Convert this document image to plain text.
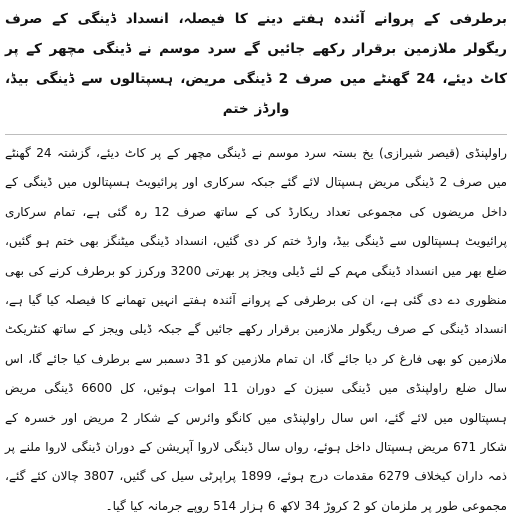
برطرفی کے پروانے آئندہ ہفتے دینے کا فیصلہ، انسداد ڈینگی کے صرف ریگولر ملازمین برقرار رکھے جائیں گے سرد موسم نے ڈینگی مچھر کے پر کاٹ دیئے، 24 گھنٹے میں صرف 2 ڈینگی مریض، ہسپتالوں سے ڈینگی بیڈ، وارڈز ختم

راولپنڈی (قیصر شیرازی) یخ بستہ سرد موسم نے ڈینگی مچھر کے پر کاٹ دیئے، گزشتہ 24 گھنٹے میں صرف 2 ڈینگی مریض ہسپتال لائے گئے جبکہ سرکاری اور پرائیویٹ ہسپتالوں میں ڈینگی کے داخل مریضوں کی مجموعی تعداد ریکارڈ کی کے ساتھ صرف 12 رہ گئی ہے، تمام سرکاری پرائیویٹ ہسپتالوں سے ڈینگی بیڈ، وارڈ ختم کر دی گئیں، انسداد ڈینگی میٹنگز بھی ختم ہو گئیں، ضلع بھر میں انسداد ڈینگی مہم کے لئے ڈیلی ویجز پر بھرتی 3200 ورکرز کو برطرف کرنے کی بھی منظوری دے دی گئی ہے، ان کی برطرفی کے پروانے آئندہ ہفتے انہیں تھمانے کا فیصلہ کیا گیا ہے، انسداد ڈینگی کے صرف ریگولر ملازمین برقرار رکھے جائیں گے جبکہ ڈیلی ویجز کے ساتھ کنٹریکٹ ملازمین کو بھی فارغ کر دیا جائے گا، ان تمام ملازمین کو 31 دسمبر سے برطرف کیا جائے گا، اس سال ضلع راولپنڈی میں ڈینگی سیزن کے دوران 11 اموات ہوئیں، کل 6600 ڈینگی مریض ہسپتالوں میں لائے گئے، اس سال راولپنڈی میں کانگو وائرس کے شکار 2 مریض اور خسرہ کے شکار 671 مریض ہسپتال داخل ہوئے، رواں سال ڈینگی لاروا آپریشن کے دوران ڈینگی لاروا ملنے پر ذمہ داران کیخلاف 6279 مقدمات درج ہوئے، 1899 پراپرٹی سیل کی گئیں، 3807 چالان کئے گئے، مجموعی طور پر ملزمان کو 2 کروڑ 34 لاکھ 6 ہزار 514 روپے جرمانہ کیا گیا۔
